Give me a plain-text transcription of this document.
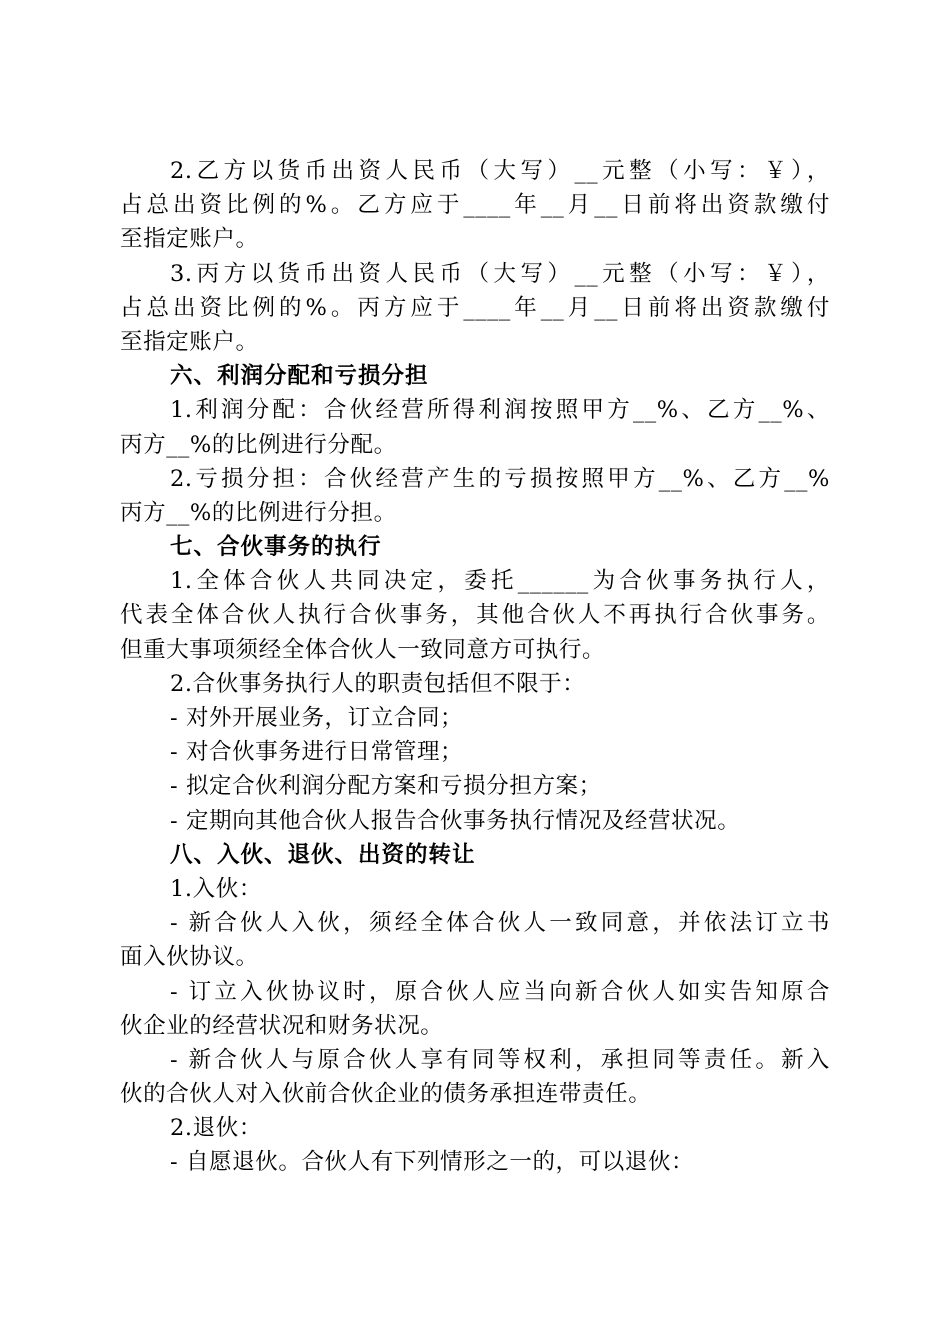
2.乙方以货币出资人民币（大写）__元整（小写：￥），
占总出资比例的%。乙方应于____年__月__日前将出资款缴付
至指定账户。
3.丙方以货币出资人民币（大写）__元整（小写：￥），
占总出资比例的%。丙方应于____年__月__日前将出资款缴付
至指定账户。
六、利润分配和亏损分担
1.利润分配：合伙经营所得利润按照甲方__%、乙方__%、
丙方__%的比例进行分配。
2.亏损分担：合伙经营产生的亏损按照甲方__%、乙方__%
丙方__%的比例进行分担。
七、合伙事务的执行
1.全体合伙人共同决定，委托______为合伙事务执行人，
代表全体合伙人执行合伙事务，其他合伙人不再执行合伙事务。
但重大事项须经全体合伙人一致同意方可执行。
2.合伙事务执行人的职责包括但不限于：
- 对外开展业务，订立合同；
- 对合伙事务进行日常管理；
- 拟定合伙利润分配方案和亏损分担方案；
- 定期向其他合伙人报告合伙事务执行情况及经营状况。
八、入伙、退伙、出资的转让
1.入伙：
- 新合伙人入伙，须经全体合伙人一致同意，并依法订立书
面入伙协议。
- 订立入伙协议时，原合伙人应当向新合伙人如实告知原合
伙企业的经营状况和财务状况。
- 新合伙人与原合伙人享有同等权利，承担同等责任。新入
伙的合伙人对入伙前合伙企业的债务承担连带责任。
2.退伙：
- 自愿退伙。合伙人有下列情形之一的，可以退伙：
